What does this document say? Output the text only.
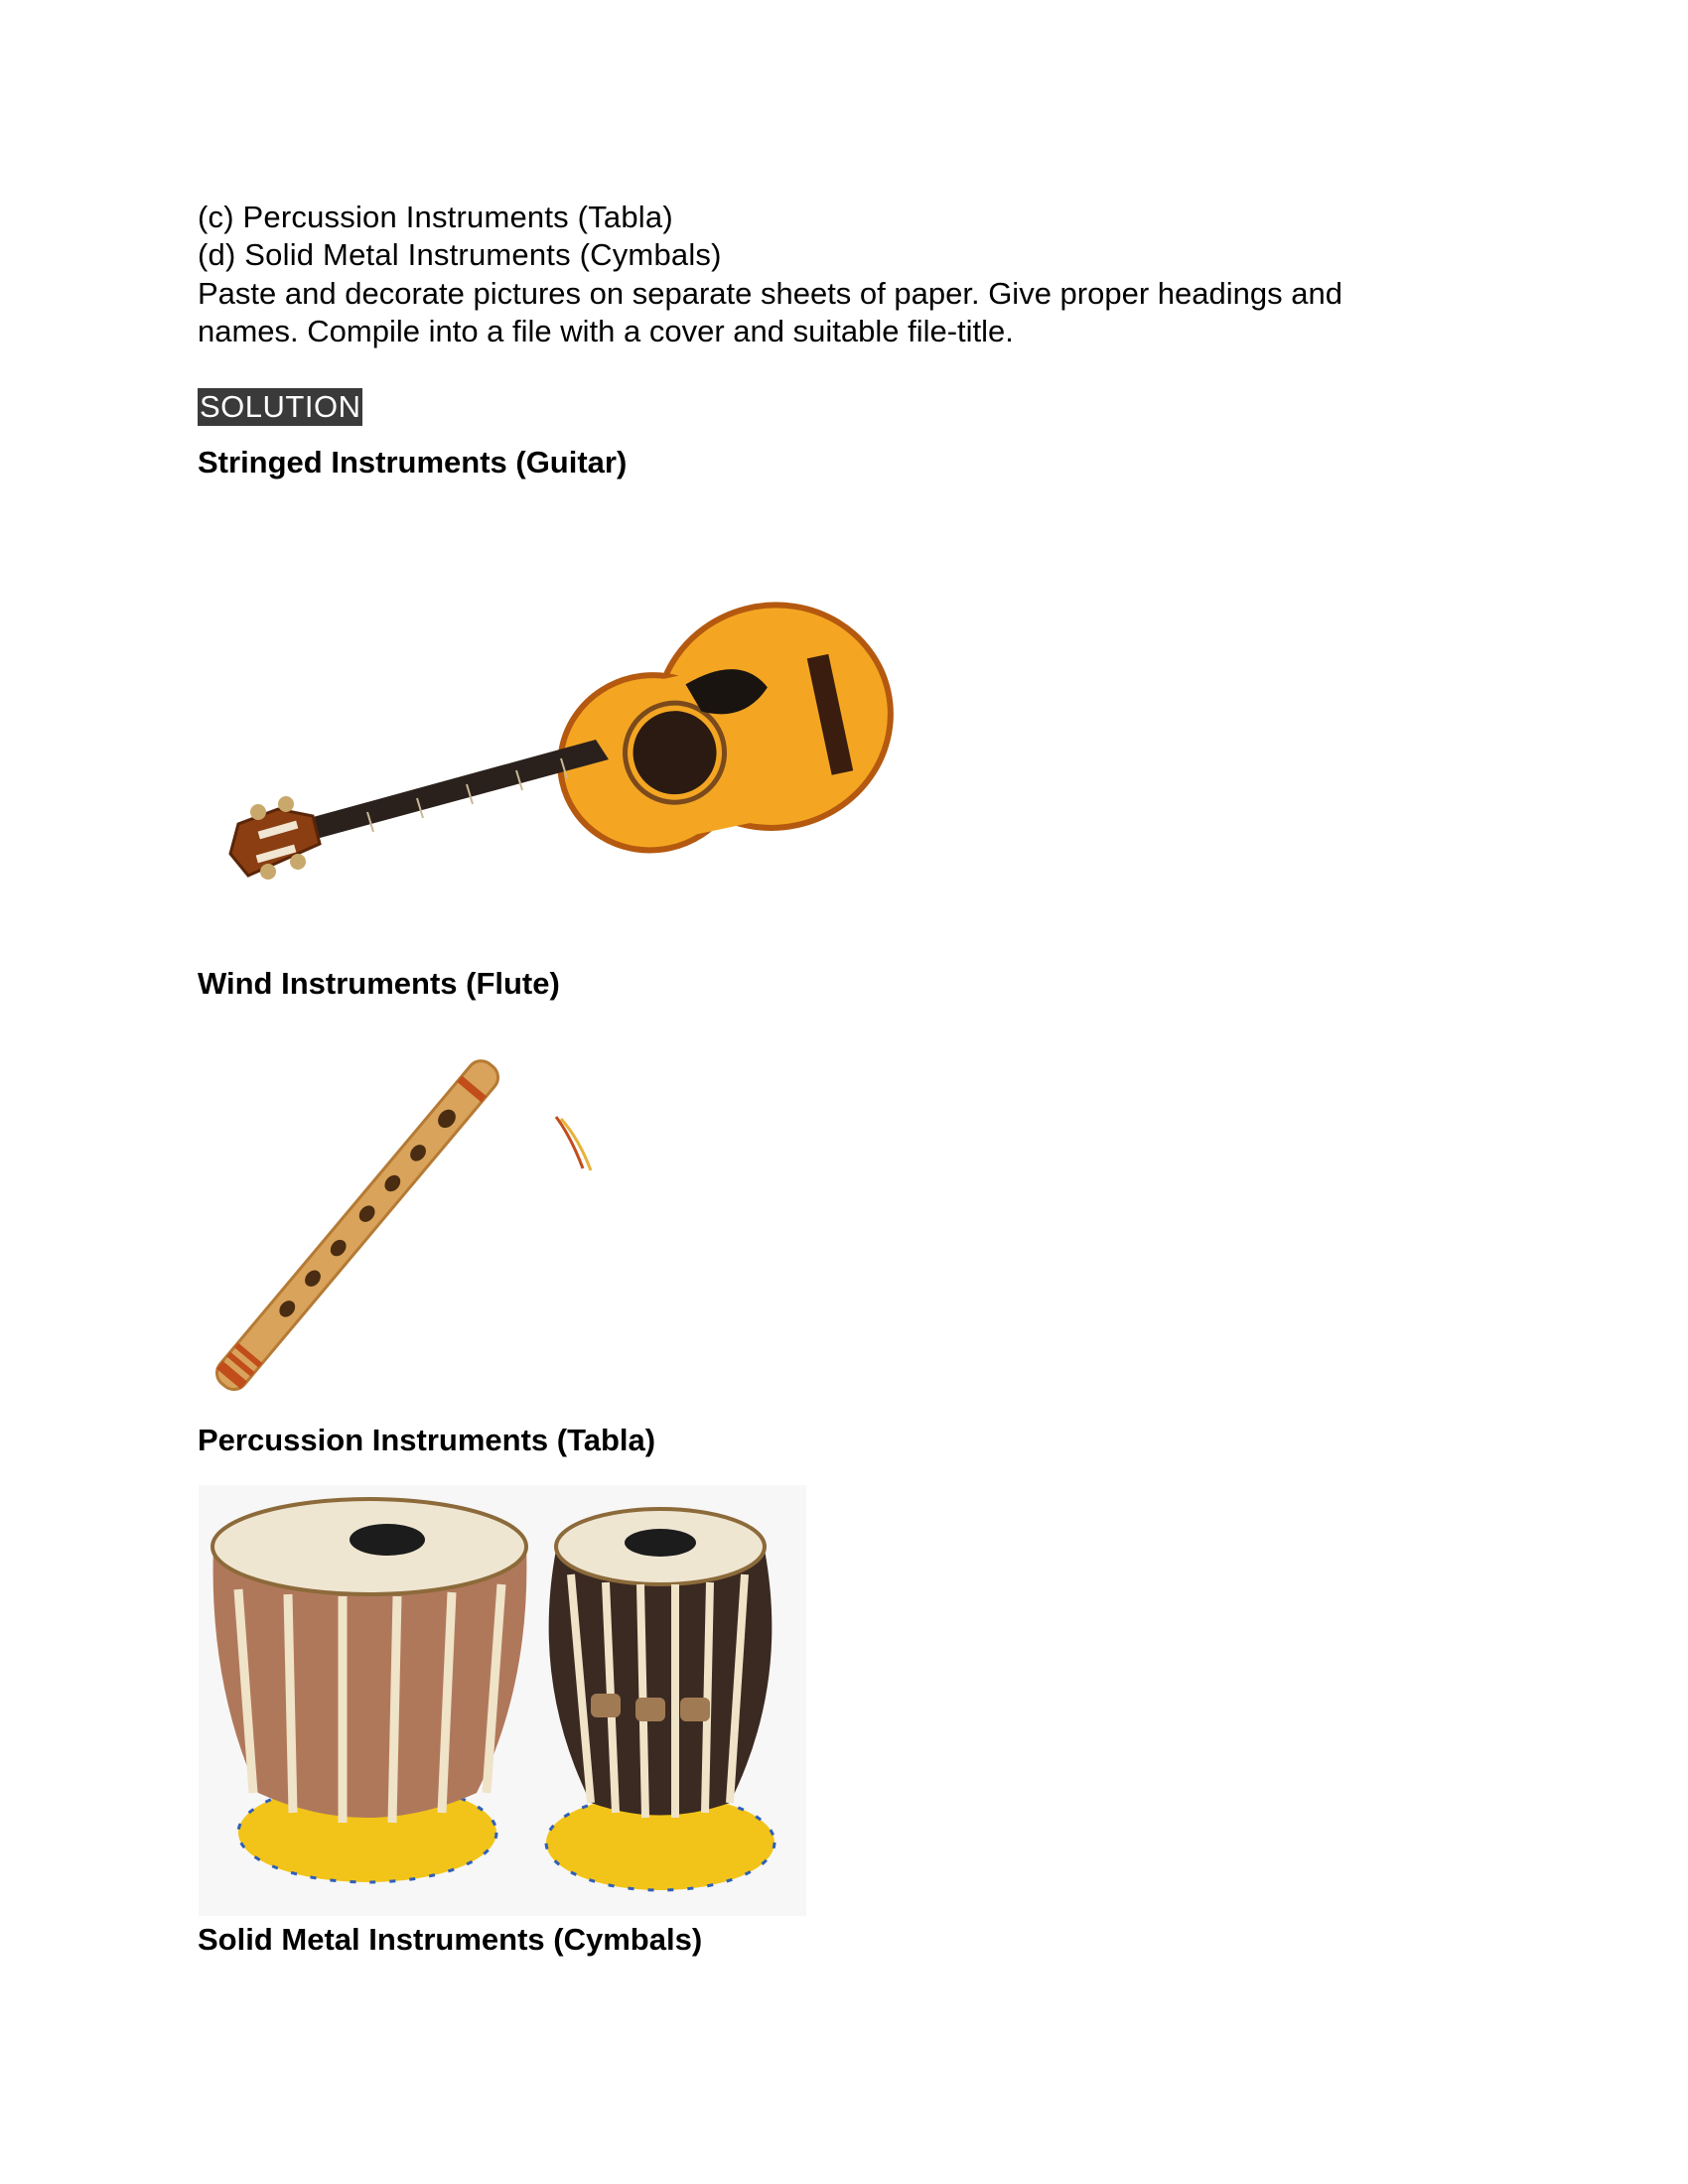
(c) Percussion Instruments (Tabla)
(d) Solid Metal Instruments (Cymbals)
Paste and decorate pictures on separate sheets of paper. Give proper headings and names. Compile into a file with a cover and suitable file-title.
SOLUTION
Stringed Instruments (Guitar)
Wind Instruments (Flute)
Percussion Instruments (Tabla)
Solid Metal Instruments (Cymbals)
